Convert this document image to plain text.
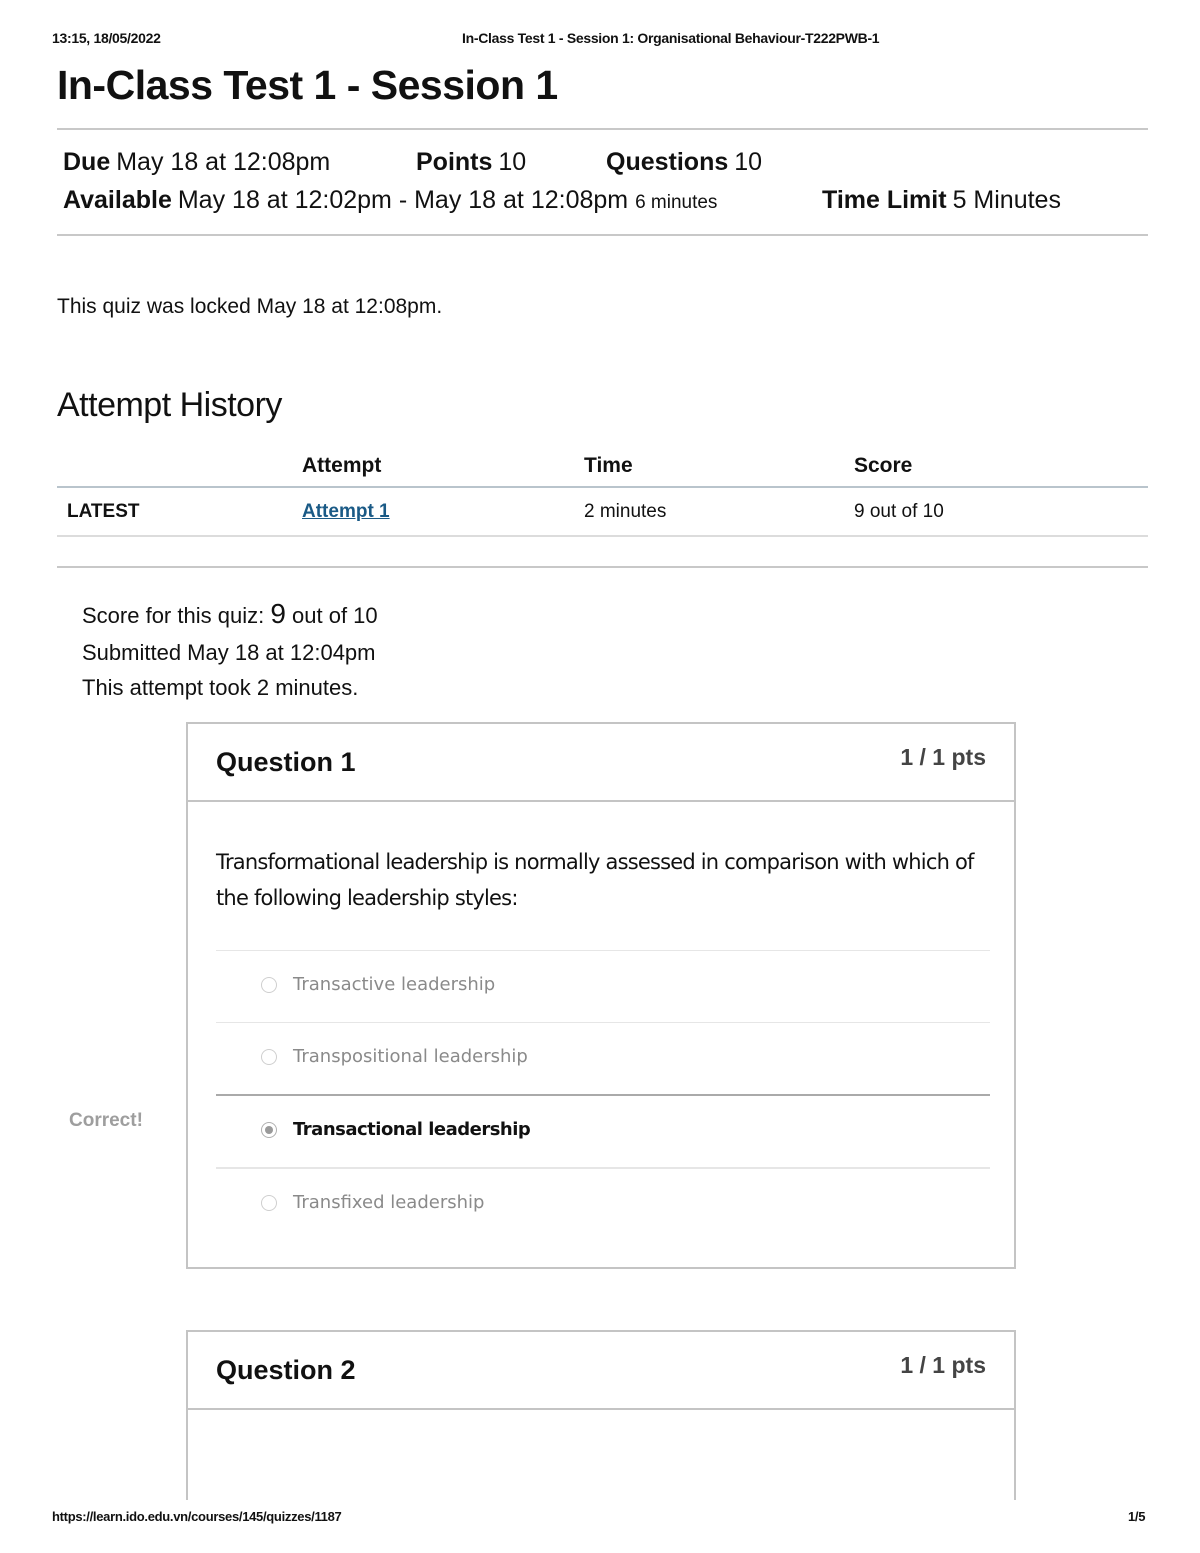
13:15, 18/05/2022	In-Class Test 1 - Session 1: Organisational Behaviour-T222PWB-1
In-Class Test 1 - Session 1
Due May 18 at 12:08pm	Points 10	Questions 10
Available May 18 at 12:02pm - May 18 at 12:08pm 6 minutes	Time Limit 5 Minutes
This quiz was locked May 18 at 12:08pm.
Attempt History
	Attempt	Time	Score
LATEST	Attempt 1	2 minutes	9 out of 10
Score for this quiz: 9 out of 10
Submitted May 18 at 12:04pm
This attempt took 2 minutes.
Question 1	1 / 1 pts
Transformational leadership is normally assessed in comparison with which of the following leadership styles:
Transactive leadership
Transpositional leadership
Transactional leadership
Transfixed leadership
Correct!
Question 2	1 / 1 pts
https://learn.ido.edu.vn/courses/145/quizzes/1187	1/5
